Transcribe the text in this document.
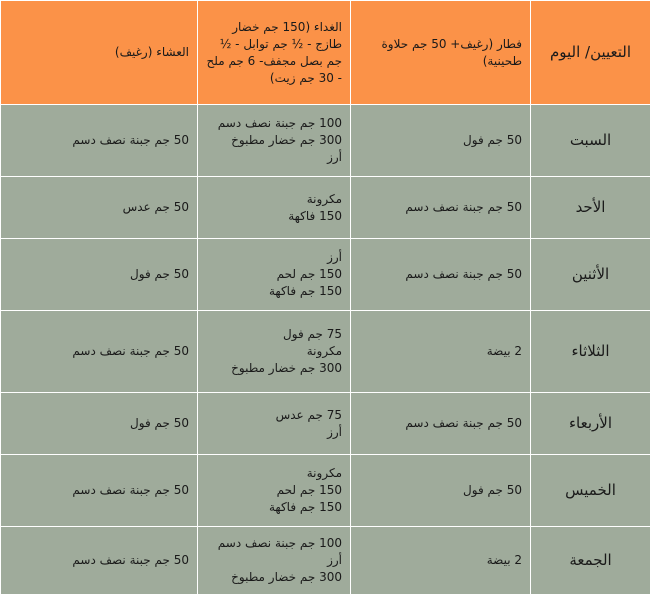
التعيين/ اليوم	فطار (رغيف+ 50 جم حلاوة طحينية)	الغداء (150 جم خضار طازج - ½ جم توابل - ½ جم بصل مجفف- 6 جم ملح - 30 جم زيت)	العشاء (رغيف)
السبت	50 جم فول	100 جم جبنة نصف دسم
300 جم خضار مطبوخ
أرز	50 جم جبنة نصف دسم

الأحد	50 جم جبنة نصف دسم	مكرونة
150 فاكهة	50 جم عدس

الأثنين	50 جم جبنة نصف دسم	أرز
150 جم لحم
150 جم فاكهة	50 جم فول

الثلاثاء	2 بيضة	75 جم فول
مكرونة
300 جم خضار مطبوخ	50 جم جبنة نصف دسم

الأربعاء	50 جم جبنة نصف دسم	75 جم عدس
أرز	50 جم فول

الخميس	50 جم فول	مكرونة
150 جم لحم
150 جم فاكهة	50 جم جبنة نصف دسم

الجمعة	2 بيضة	100 جم جبنة نصف دسم
أرز
300 جم خضار مطبوخ	50 جم جبنة نصف دسم
